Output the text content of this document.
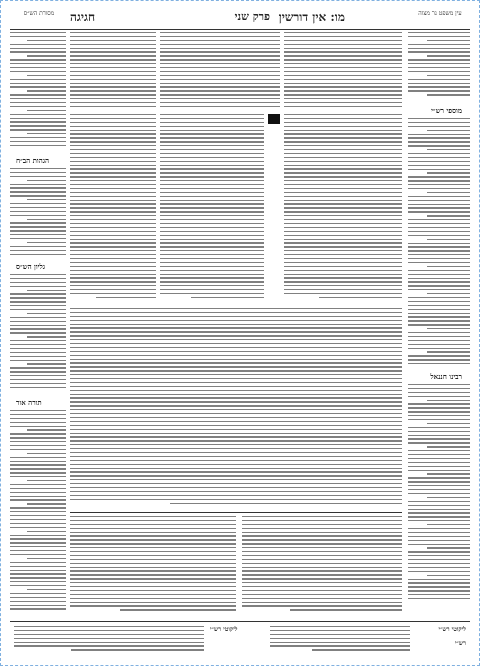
עין משפט נר מצוה
מו: אין דורשין
פרק שני
חגיגה
מסורת הש״ס
מוספי רש״י
רבינו חננאל
הגהות הב״ח
גליון הש״ס
תורה אור
ליקוטי רש״י
רש״י
ליקוטי רש״י
